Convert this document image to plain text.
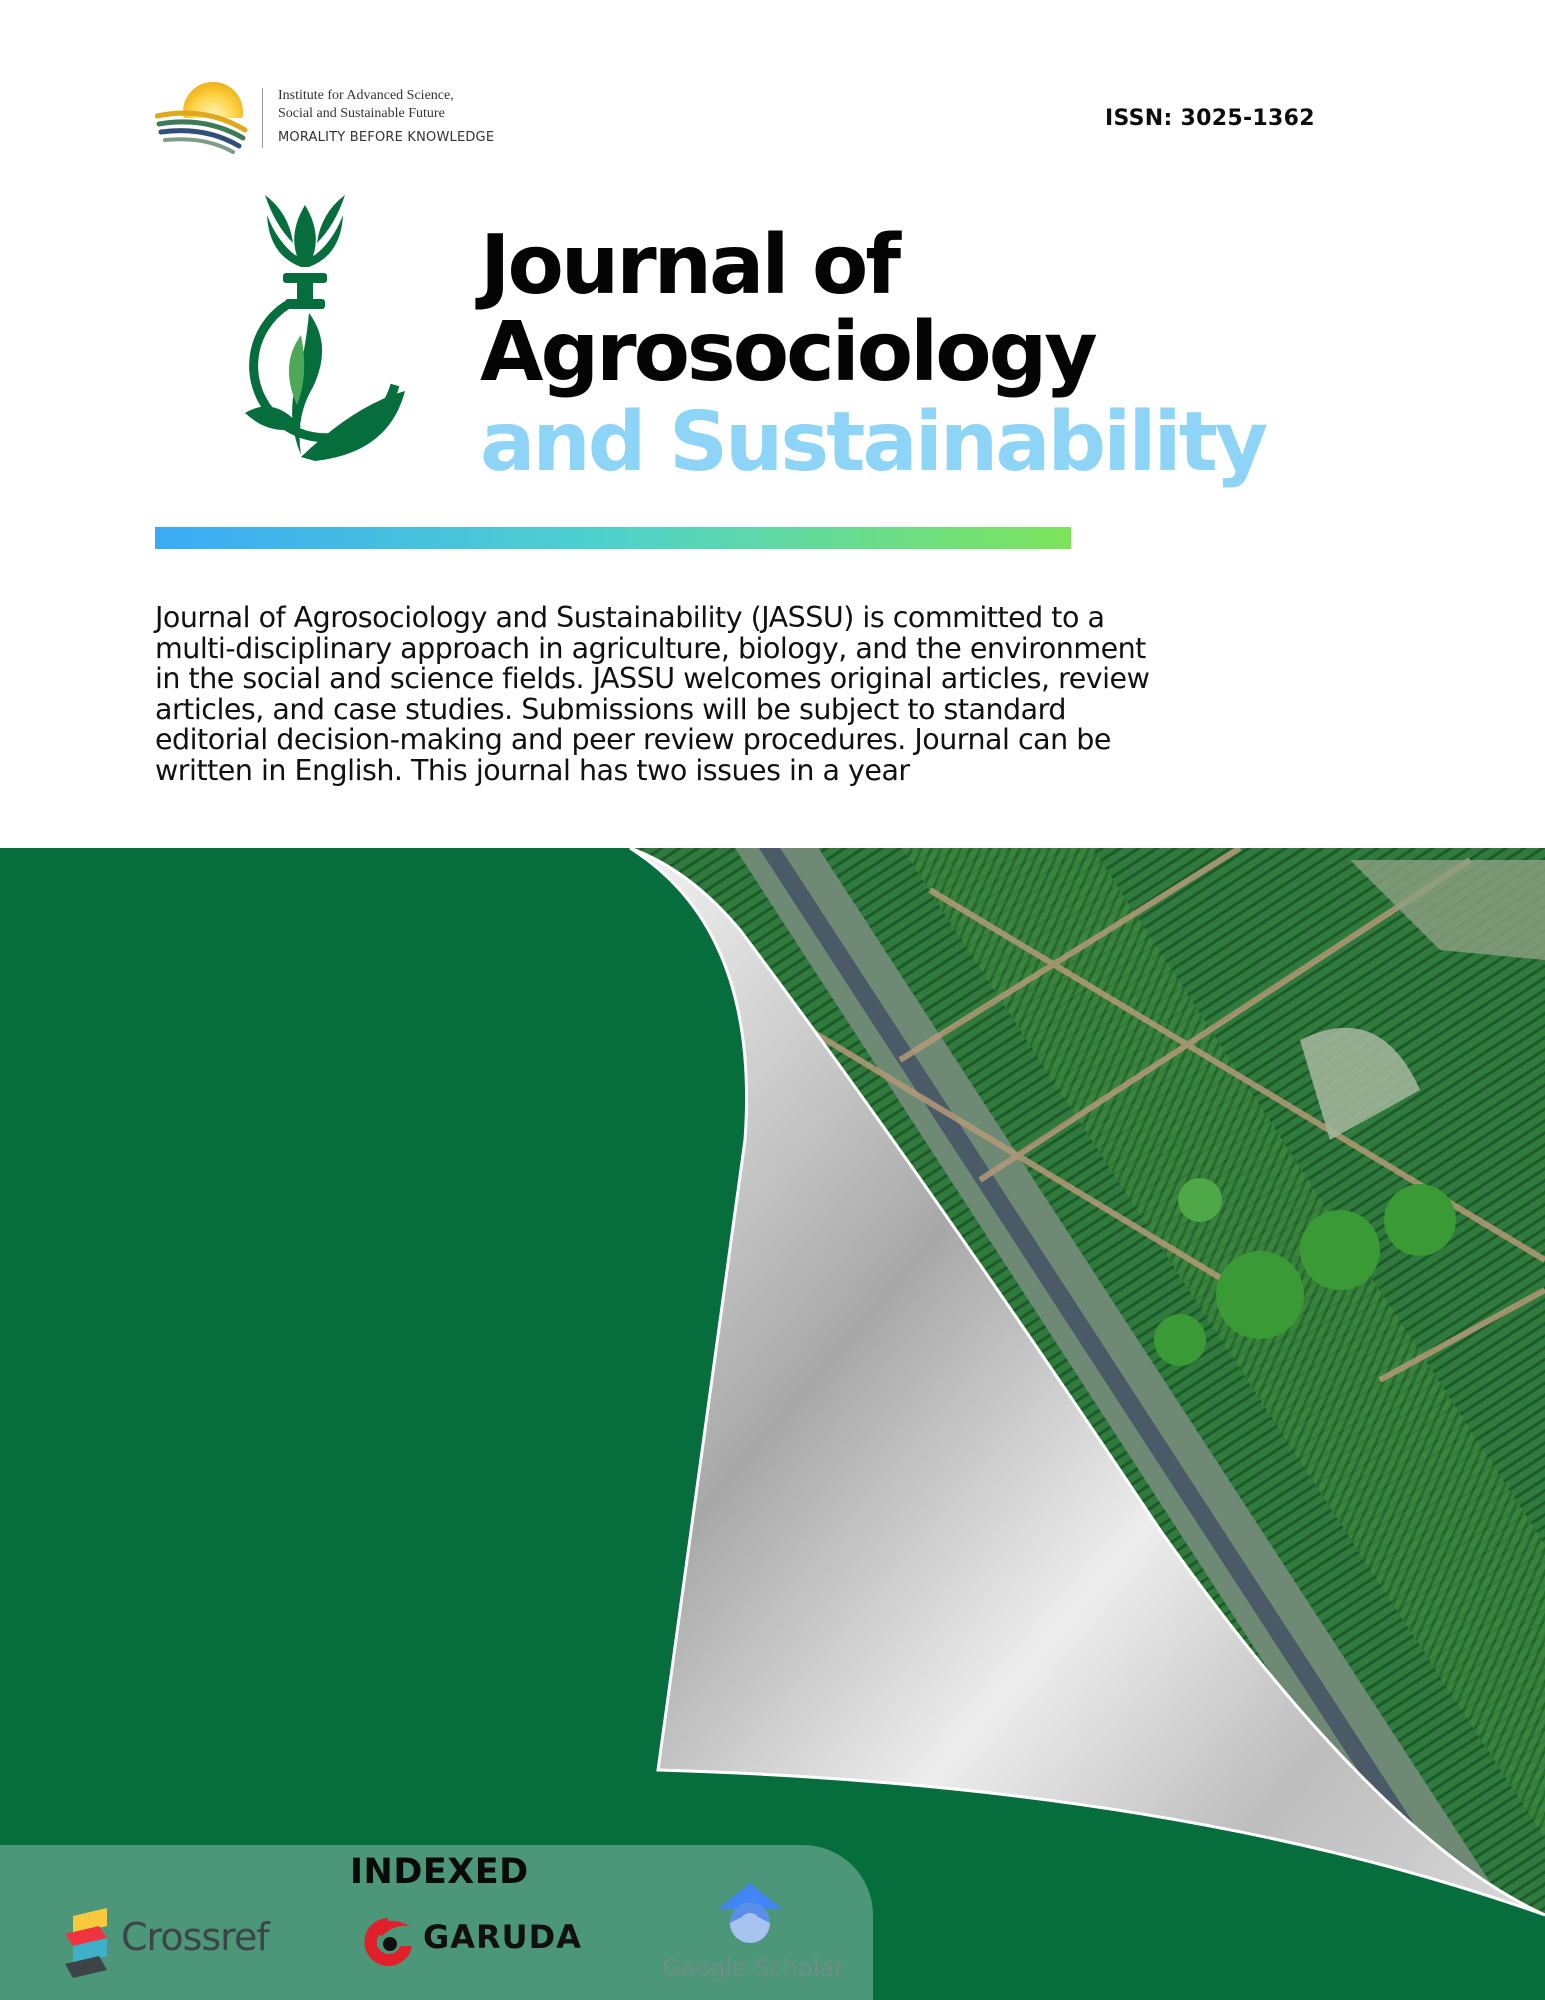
Institute for Advanced Science,
Social and Sustainable Future
MORALITY BEFORE KNOWLEDGE
ISSN: 3025-1362
Journal of
Agrosociology
and Sustainability
Journal of Agrosociology and Sustainability (JASSU) is committed to a multi-disciplinary approach in agriculture, biology, and the environment in the social and science fields. JASSU welcomes original articles, review articles, and case studies. Submissions will be subject to standard editorial decision-making and peer review procedures. Journal can be written in English. This journal has two issues in a year
INDEXED
Crossref	GARUDA
Google Scholar
